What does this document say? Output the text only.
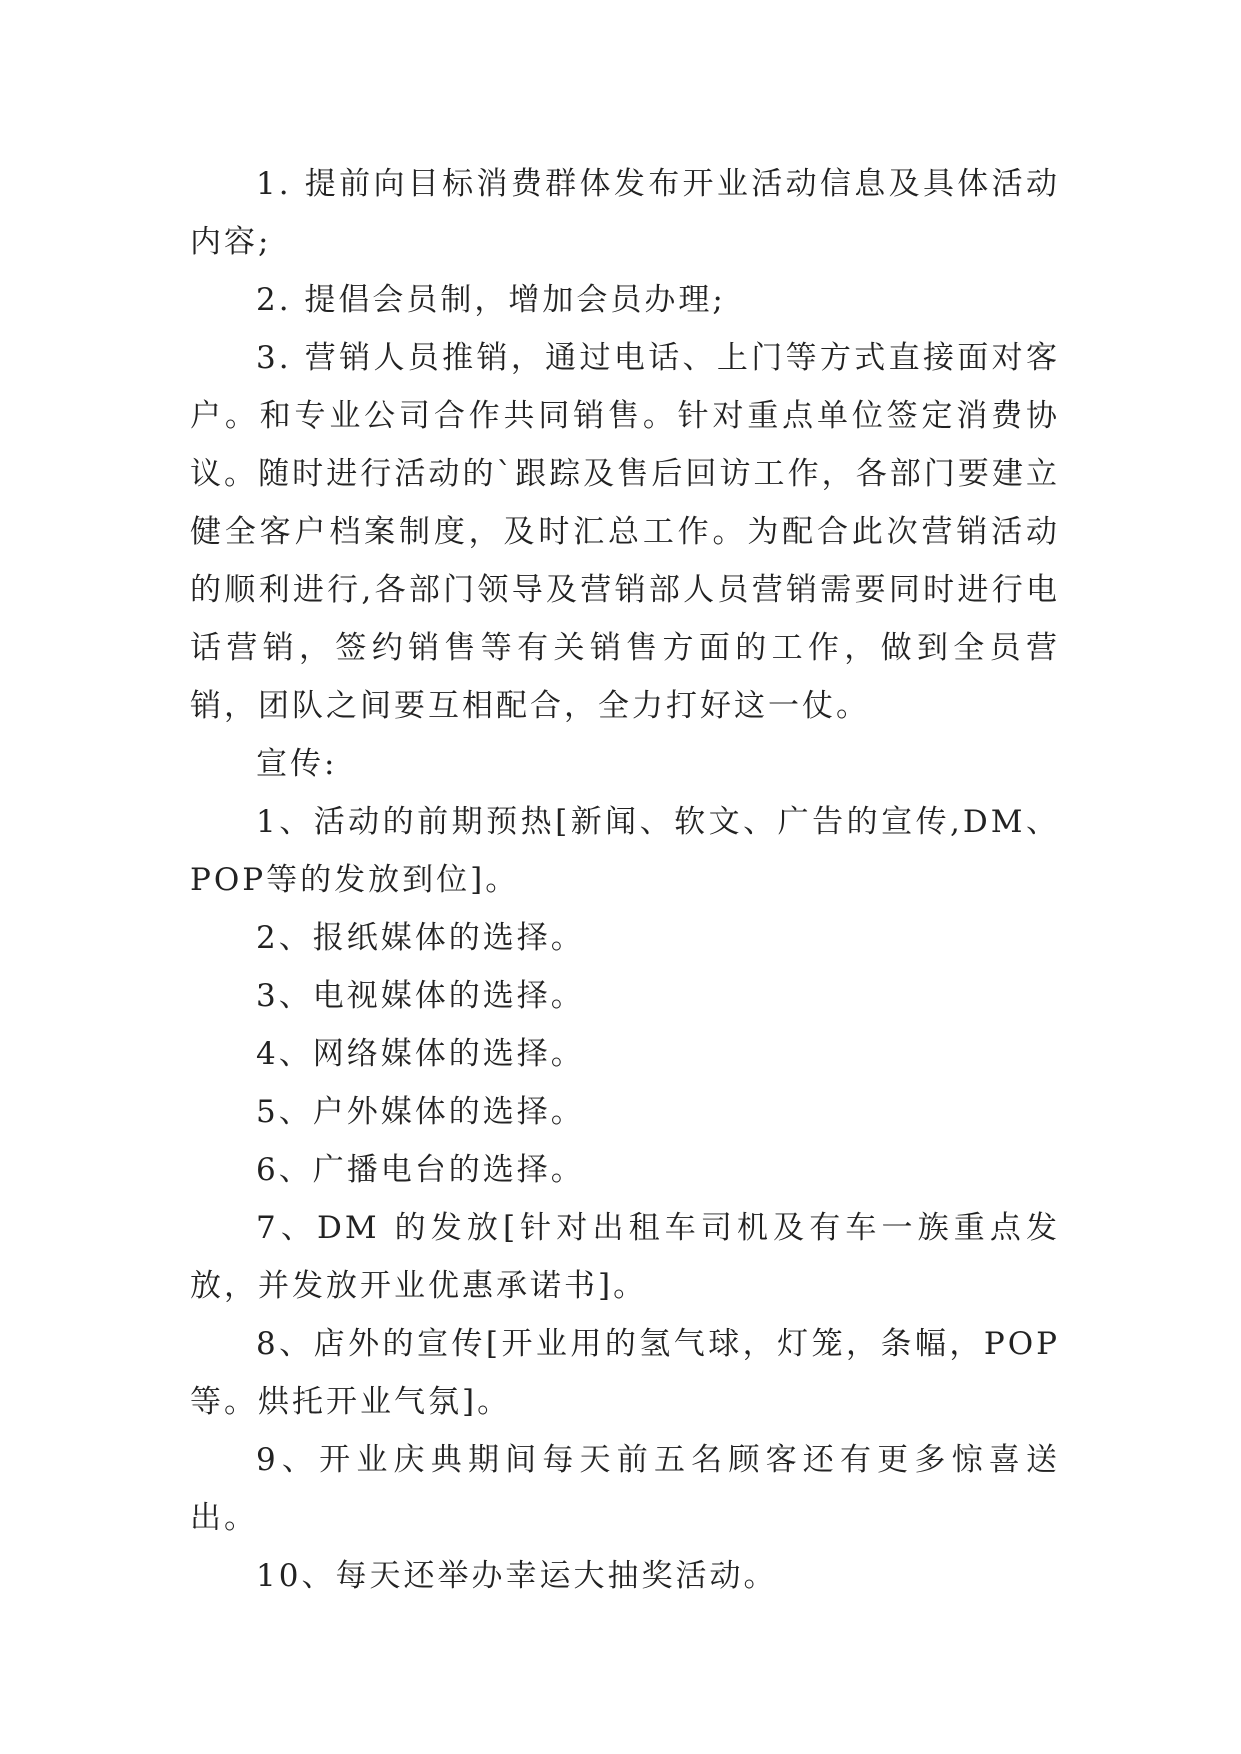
1. 提前向目标消费群体发布开业活动信息及具体活动内容;

2. 提倡会员制，增加会员办理;

3. 营销人员推销，通过电话、上门等方式直接面对客户。和专业公司合作共同销售。针对重点单位签定消费协议。随时进行活动的`跟踪及售后回访工作，各部门要建立健全客户档案制度，及时汇总工作。为配合此次营销活动的顺利进行,各部门领导及营销部人员营销需要同时进行电话营销，签约销售等有关销售方面的工作，做到全员营销，团队之间要互相配合，全力打好这一仗。

宣传:

1、活动的前期预热[新闻、软文、广告的宣传,DM、POP等的发放到位]。

2、报纸媒体的选择。

3、电视媒体的选择。

4、网络媒体的选择。

5、户外媒体的选择。

6、广播电台的选择。

7、DM 的发放[针对出租车司机及有车一族重点发放，并发放开业优惠承诺书]。

8、店外的宣传[开业用的氢气球，灯笼，条幅，POP 等。烘托开业气氛]。

9、开业庆典期间每天前五名顾客还有更多惊喜送出。

10、每天还举办幸运大抽奖活动。
